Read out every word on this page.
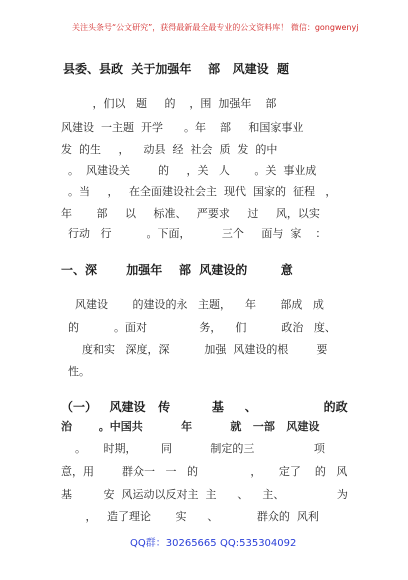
关注头条号“公文研究”，获得最新最全最专业的公文资料库！ 微信：gongwenyj
县委、县政  关于加强年    部   风建设  题
，们以   题     的    ，围  加强年    部
风建设  一主题  开学      。年    部     和国家事业
发  的生     ，    动县  经  社会  质  发  的中
。  风建设关        的     ，关   人       。关  事业成
。当     ，   在全面建设社会主  现代  国家的  征程   ，
年       部     以     标准、   严要求     过     风，以实
行动   行          。下面，         三个     面与  家    ：
一、深       加强年    部  风建设的        意
风建设       的建设的永   主题，    年       部成   成
的          。面对               务，    们          政治   度、
度和实   深度，深          加强  风建设的根        要
性。
（一）   风建设   传          基     、                的政
治       。中国共          年          就   一部   风建设
。     时期，       同           制定的三                 项
意，用        群众一   一   的               ，     定了    的   风
基         安  风运动以反对主  主      、    主、               为
，   造了理论       实      、           群众的  风利
QQ群：30265665 QQ:535304092
